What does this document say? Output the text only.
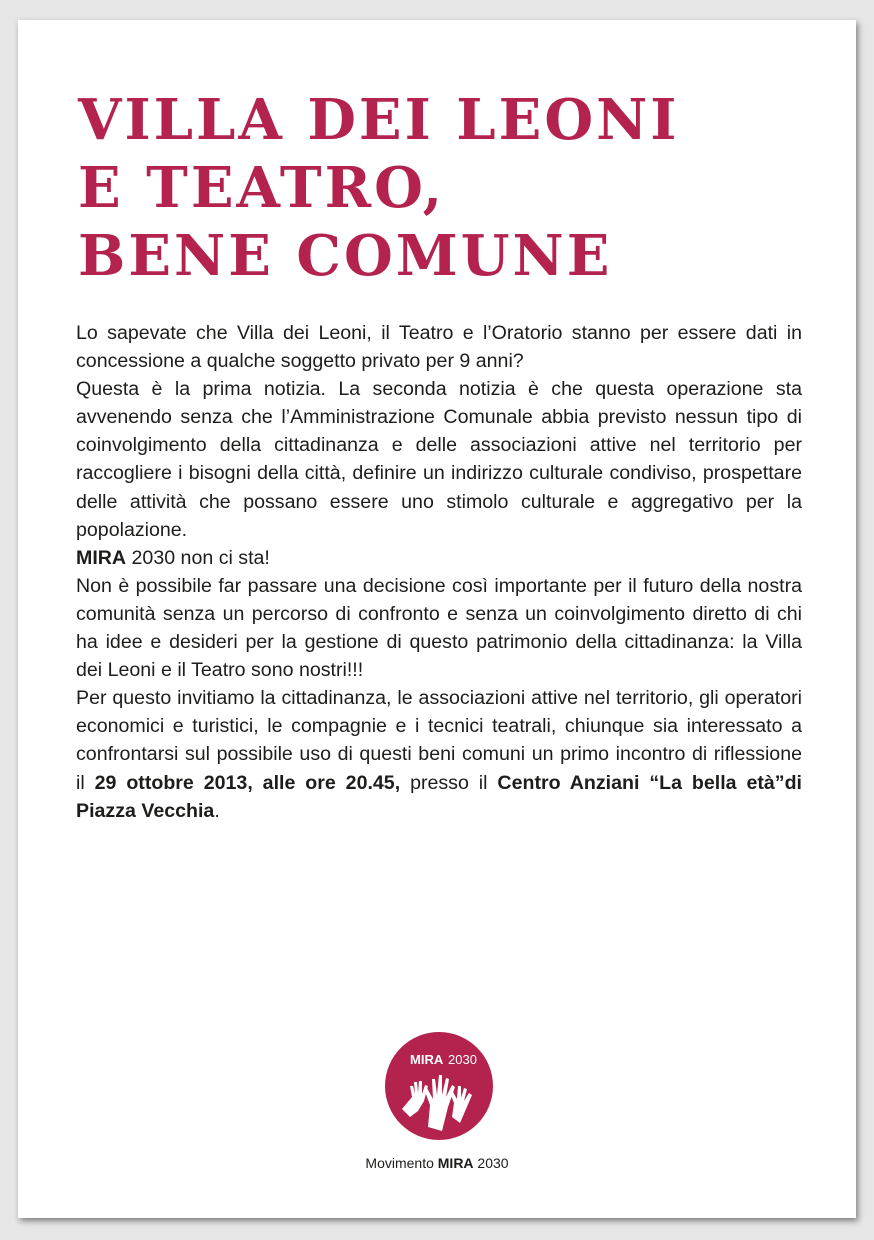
VILLA DEI LEONI
E TEATRO,
BENE COMUNE

Lo sapevate che Villa dei Leoni, il Teatro e l’Oratorio stanno per essere dati in concessione a qualche soggetto privato per 9 anni?

Questa è la prima notizia. La seconda notizia è che questa operazione sta avvenendo senza che l’Amministrazione Comunale abbia previsto nessun tipo di coinvolgimento della cittadinanza e delle associazioni attive nel territorio per raccogliere i bisogni della città, definire un indirizzo culturale condiviso, prospettare delle attività che possano essere uno stimolo culturale e aggregativo per la popolazione.

MIRA 2030 non ci sta!

Non è possibile far passare una decisione così importante per il futuro della nostra comunità senza un percorso di confronto e senza un coinvolgimento diretto di chi ha idee e desideri per la gestione di questo patrimonio della cittadinanza: la Villa dei Leoni e il Teatro sono nostri!!!

Per questo invitiamo la cittadinanza, le associazioni attive nel territorio, gli operatori economici e turistici, le compagnie e i tecnici teatrali, chiunque sia interessato a confrontarsi sul possibile uso di questi beni comuni un primo incontro di riflessione il 29 ottobre 2013, alle ore 20.45, presso il Centro Anziani “La bella età”di Piazza Vecchia.

MIRA 2030
Movimento MIRA 2030
